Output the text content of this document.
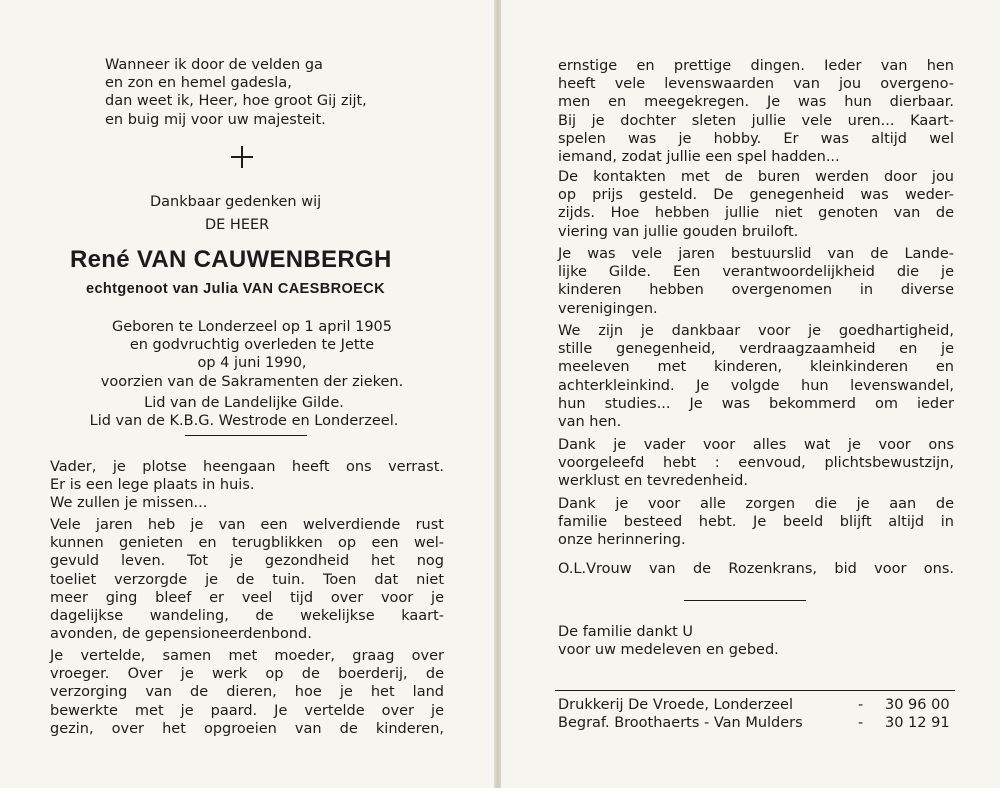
Wanneer ik door de velden ga
en zon en hemel gadesla,
dan weet ik, Heer, hoe groot Gij zijt,
en buig mij voor uw majesteit.
Dankbaar gedenken wij
DE HEER
René VAN CAUWENBERGH
echtgenoot van Julia VAN CAESBROECK
Geboren te Londerzeel op 1 april 1905
en godvruchtig overleden te Jette
op 4 juni 1990,
voorzien van de Sakramenten der zieken.
Lid van de Landelijke Gilde.
Lid van de K.B.G. Westrode en Londerzeel.
Vader, je plotse heengaan heeft ons verrast.
Er is een lege plaats in huis.
We zullen je missen...
Vele jaren heb je van een welverdiende rust
kunnen genieten en terugblikken op een wel-
gevuld leven. Tot je gezondheid het nog
toeliet verzorgde je de tuin. Toen dat niet
meer ging bleef er veel tijd over voor je
dagelijkse wandeling, de wekelijkse kaart-
avonden, de gepensioneerdenbond.
Je vertelde, samen met moeder, graag over
vroeger. Over je werk op de boerderij, de
verzorging van de dieren, hoe je het land
bewerkte met je paard. Je vertelde over je
gezin, over het opgroeien van de kinderen,
ernstige en prettige dingen. Ieder van hen
heeft vele levenswaarden van jou overgeno-
men en meegekregen. Je was hun dierbaar.
Bij je dochter sleten jullie vele uren... Kaart-
spelen was je hobby. Er was altijd wel
iemand, zodat jullie een spel hadden...
De kontakten met de buren werden door jou
op prijs gesteld. De genegenheid was weder-
zijds. Hoe hebben jullie niet genoten van de
viering van jullie gouden bruiloft.
Je was vele jaren bestuurslid van de Lande-
lijke Gilde. Een verantwoordelijkheid die je
kinderen hebben overgenomen in diverse
verenigingen.
We zijn je dankbaar voor je goedhartigheid,
stille genegenheid, verdraagzaamheid en je
meeleven met kinderen, kleinkinderen en
achterkleinkind. Je volgde hun levenswandel,
hun studies... Je was bekommerd om ieder
van hen.
Dank je vader voor alles wat je voor ons
voorgeleefd hebt : eenvoud, plichtsbewustzijn,
werklust en tevredenheid.
Dank je voor alle zorgen die je aan de
familie besteed hebt. Je beeld blijft altijd in
onze herinnering.
O.L.Vrouw van de Rozenkrans, bid voor ons.
De familie dankt U
voor uw medeleven en gebed.
Drukkerij De Vroede, Londerzeel	- 30 96 00
Begraf. Broothaerts - Van Mulders	- 30 12 91
